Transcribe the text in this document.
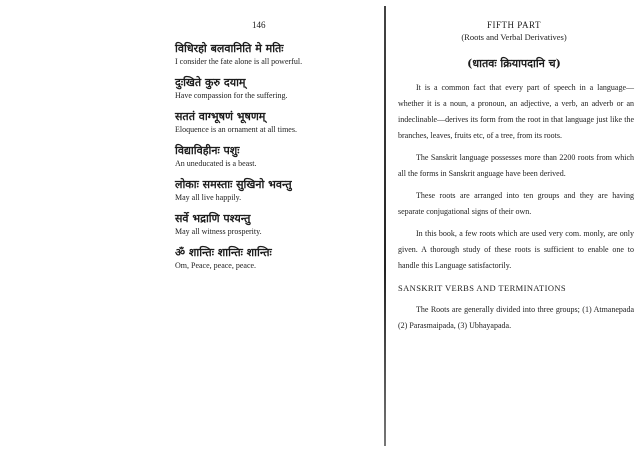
146
विधिरहो बलवानिति मे मतिः
I consider the fate alone is all powerful.
दुःखिते कुरु दयाम्
Have compassion for the suffering.
सततं वाग्भूषणं भूषणम्
Eloquence is an ornament at all times.
विद्याविहीनः पशुः
An uneducated is a beast.
लोकाः समस्ताः सुखिनो भवन्तु
May all live happily.
सर्वे भद्राणि पश्यन्तु
May all witness prosperity.
ॐ शान्तिः शान्तिः शान्तिः
Om, Peace, peace, peace.
FIFTH PART
(Roots and Verbal Derivatives)
(धातवः क्रियापदानि च)

It is a common fact that every part of speech in a language—whether it is a noun, a pronoun, an adjective, a verb, an adverb or an indeclinable—derives its form from the root in that language just like the branches, leaves, fruits etc, of a tree, from its roots.

The Sanskrit language possesses more than 2200 roots from which all the forms in Sanskrit anguage have been derived.

These roots are arranged into ten groups and they are having separate conjugational signs of their own.

In this book, a few roots which are used very com. monly, are only given. A thorough study of these roots is sufficient to enable one to handle this Language satisfactorily.

SANSKRIT VERBS AND TERMINATIONS

The Roots are generally divided into three groups; (1) Atmanepada (2) Parasmaipada, (3) Ubhayapada.
